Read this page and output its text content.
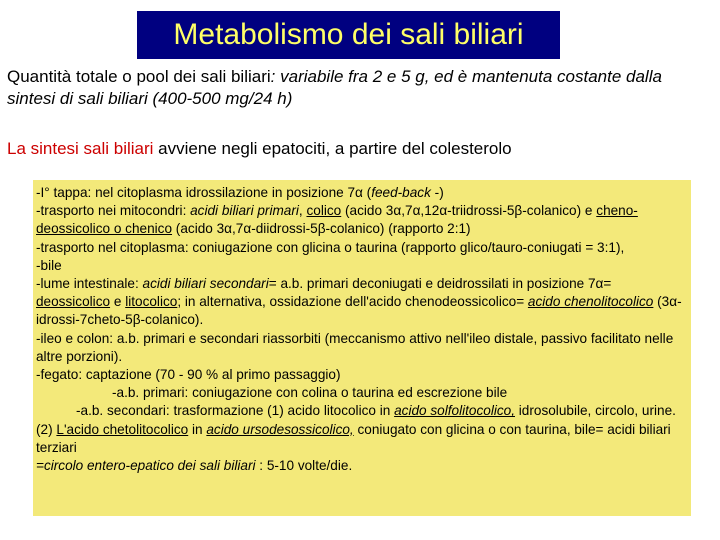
Metabolismo dei sali biliari
Quantità totale o pool dei sali biliari: variabile fra 2 e 5 g, ed è mantenuta costante dalla sintesi di sali biliari (400-500 mg/24 h)
La sintesi sali biliari avviene negli epatociti, a partire del colesterolo

-I° tappa: nel citoplasma idrossilazione in posizione 7α (feed-back -)

-trasporto nei mitocondri: acidi biliari primari, colico (acido 3α,7α,12α-triidrossi-5β-colanico) e cheno-deossicolico o chenico (acido 3α,7α-diidrossi-5β-colanico) (rapporto 2:1)

-trasporto nel citoplasma: coniugazione con glicina o taurina (rapporto glico/tauro-coniugati = 3:1),

-bile

-lume intestinale: acidi biliari secondari= a.b. primari deconiugati e deidrossilati in posizione 7α= deossicolico e litocolico; in alternativa, ossidazione dell'acido chenodeossicolico= acido chenolitocolico (3α-idrossi-7cheto-5β-colanico).

-ileo e colon: a.b. primari e secondari riassorbiti (meccanismo attivo nell'ileo distale, passivo facilitato nelle altre porzioni).

-fegato: captazione (70 - 90 % al primo passaggio)

-a.b. primari: coniugazione con colina o taurina ed escrezione bile

-a.b. secondari: trasformazione (1) acido litocolico in acido solfolitocolico, idrosolubile, circolo, urine. (2) L'acido chetolitocolico in acido ursodesossicolico, coniugato con glicina o con taurina, bile= acidi biliari terziari

=circolo entero-epatico dei sali biliari : 5-10 volte/die.
